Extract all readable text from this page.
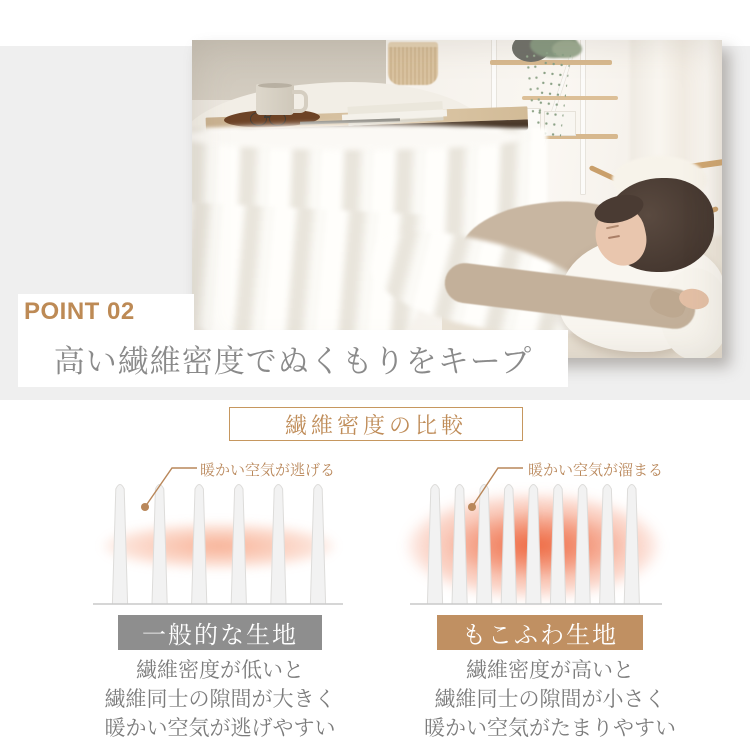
POINT 02
高い繊維密度でぬくもりをキープ
繊維密度の比較
暖かい空気が逃げる	暖かい空気が溜まる
一般的な生地	もこふわ生地
繊維密度が低いと
繊維同士の隙間が大きく
暖かい空気が逃げやすい
繊維密度が高いと
繊維同士の隙間が小さく
暖かい空気がたまりやすい
